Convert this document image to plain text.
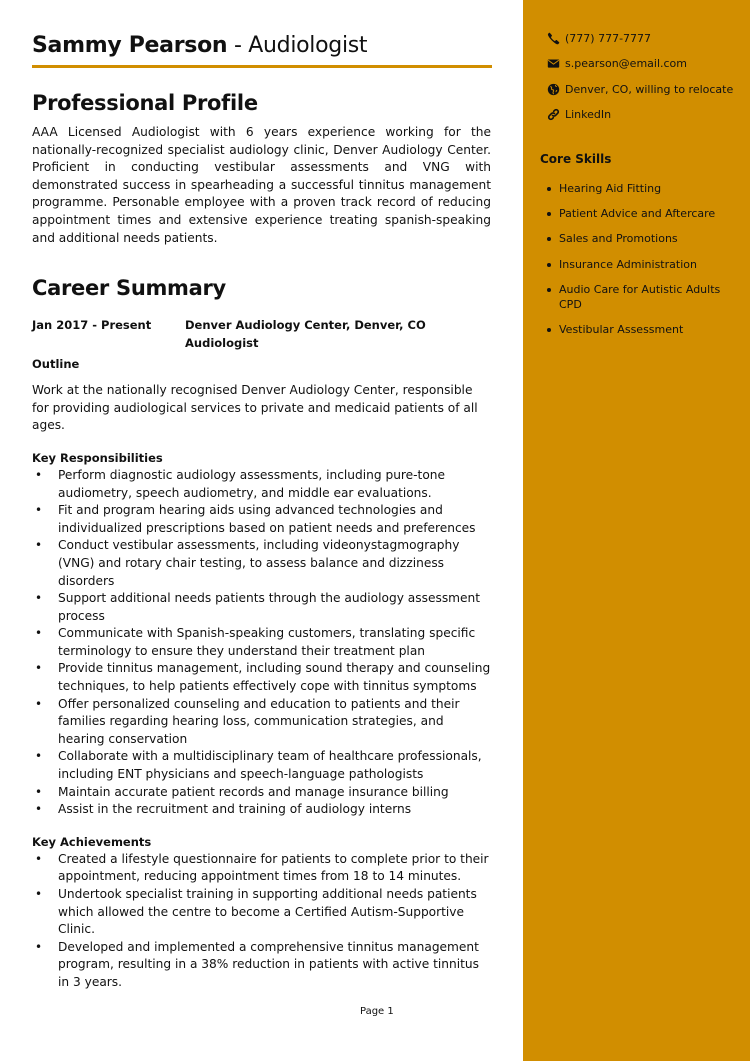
Sammy Pearson - Audiologist
Professional Profile

AAA Licensed Audiologist with 6 years experience working for the nationally-recognized specialist audiology clinic, Denver Audiology Center. Proficient in conducting vestibular assessments and VNG with demonstrated success in spearheading a successful tinnitus management programme. Personable employee with a proven track record of reducing appointment times and extensive experience treating spanish-speaking and additional needs patients.

Career Summary
Jan 2017 - Present	Denver Audiology Center, Denver, CO
Audiologist
Outline

Work at the nationally recognised Denver Audiology Center, responsible for providing audiological services to private and medicaid patients of all ages.

Key Responsibilities
• Perform diagnostic audiology assessments, including pure-tone audiometry, speech audiometry, and middle ear evaluations.
• Fit and program hearing aids using advanced technologies and individualized prescriptions based on patient needs and preferences
• Conduct vestibular assessments, including videonystagmography (VNG) and rotary chair testing, to assess balance and dizziness disorders
• Support additional needs patients through the audiology assessment process
• Communicate with Spanish-speaking customers, translating specific terminology to ensure they understand their treatment plan
• Provide tinnitus management, including sound therapy and counseling techniques, to help patients effectively cope with tinnitus symptoms
• Offer personalized counseling and education to patients and their families regarding hearing loss, communication strategies, and hearing conservation
• Collaborate with a multidisciplinary team of healthcare professionals, including ENT physicians and speech-language pathologists
• Maintain accurate patient records and manage insurance billing
• Assist in the recruitment and training of audiology interns
Key Achievements
• Created a lifestyle questionnaire for patients to complete prior to their appointment, reducing appointment times from 18 to 14 minutes.
• Undertook specialist training in supporting additional needs patients which allowed the centre to become a Certified Autism-Supportive Clinic.
• Developed and implemented a comprehensive tinnitus management program, resulting in a 38% reduction in patients with active tinnitus in 3 years.
Page 1
(777) 777-7777
s.pearson@email.com
Denver, CO, willing to relocate
LinkedIn
Core Skills
Hearing Aid Fitting
Patient Advice and Aftercare
Sales and Promotions
Insurance Administration
Audio Care for Autistic Adults CPD
Vestibular Assessment
